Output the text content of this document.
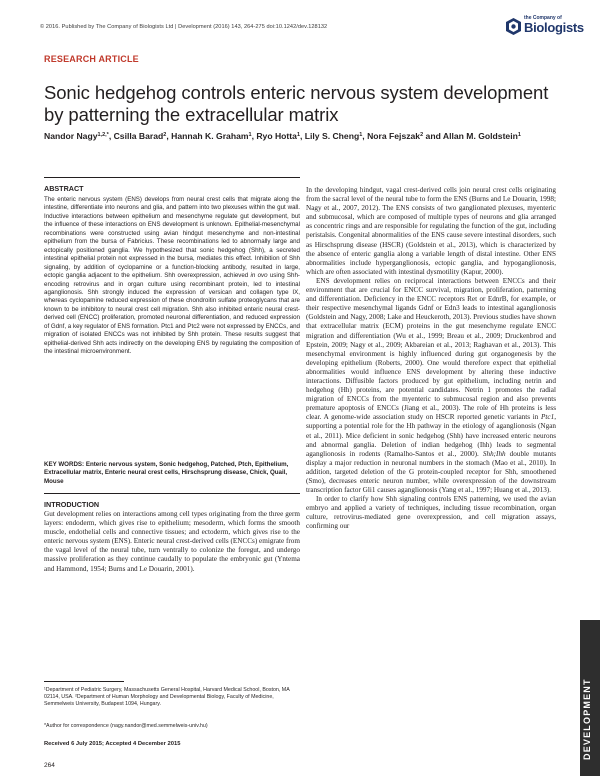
© 2016. Published by The Company of Biologists Ltd | Development (2016) 143, 264-275 doi:10.1242/dev.128132
the Company of
Biologists
RESEARCH ARTICLE
Sonic hedgehog controls enteric nervous system development by patterning the extracellular matrix
Nandor Nagy$^{1,2,*}$, Csilla Barad$^2$, Hannah K. Graham$^1$, Ryo Hotta$^1$, Lily S. Cheng$^1$, Nora Fejszak$^2$ and Allan M. Goldstein$^1$
ABSTRACT
The enteric nervous system (ENS) develops from neural crest cells that migrate along the intestine, differentiate into neurons and glia, and pattern into two plexuses within the gut wall. Inductive interactions between epithelium and mesenchyme regulate gut development, but the influence of these interactions on ENS development is unknown. Epithelial-mesenchymal recombinations were constructed using avian hindgut mesenchyme and non-intestinal epithelium from the bursa of Fabricius. These recombinations led to abnormally large and ectopically positioned ganglia. We hypothesized that sonic hedgehog (Shh), a secreted intestinal epithelial protein not expressed in the bursa, mediates this effect. Inhibition of Shh signaling, by addition of cyclopamine or a function-blocking antibody, resulted in large, ectopic ganglia adjacent to the epithelium. Shh overexpression, achieved in ovo using Shh-encoding retrovirus and in organ culture using recombinant protein, led to intestinal aganglionosis. Shh strongly induced the expression of versican and collagen type IX, whereas cyclopamine reduced expression of these chondroitin sulfate proteoglycans that are known to be inhibitory to neural crest cell migration. Shh also inhibited enteric neural crest-derived cell (ENCC) proliferation, promoted neuronal differentiation, and reduced expression of Gdnf, a key regulator of ENS formation. Ptc1 and Ptc2 were not expressed by ENCCs, and migration of isolated ENCCs was not inhibited by Shh protein. These results suggest that epithelial-derived Shh acts indirectly on the developing ENS by regulating the composition of the intestinal microenvironment.
KEY WORDS: Enteric nervous system, Sonic hedgehog, Patched, Ptch, Epithelium, Extracellular matrix, Enteric neural crest cells, Hirschsprung disease, Chick, Quail, Mouse
INTRODUCTION
Gut development relies on interactions among cell types originating from the three germ layers: endoderm, which gives rise to epithelium; mesoderm, which forms the smooth muscle, endothelial cells and connective tissues; and ectoderm, which gives rise to the enteric nervous system (ENS). Enteric neural crest-derived cells (ENCCs) emigrate from the vagal level of the neural tube, turn ventrally to colonize the foregut, and undergo massive proliferation as they continue caudally to populate the embryonic gut (Yntema and Hammond, 1954; Burns and Le Douarin, 2001).
¹Department of Pediatric Surgery, Massachusetts General Hospital, Harvard Medical School, Boston, MA 02114, USA. ²Department of Human Morphology and Developmental Biology, Faculty of Medicine, Semmelweis University, Budapest 1094, Hungary.
*Author for correspondence (nagy.nandor@med.semmelweis-univ.hu)
Received 6 July 2015; Accepted 4 December 2015
264

In the developing hindgut, vagal crest-derived cells join neural crest cells originating from the sacral level of the neural tube to form the ENS (Burns and Le Douarin, 1998; Nagy et al., 2007, 2012). The ENS consists of two ganglionated plexuses, myenteric and submucosal, which are composed of multiple types of neurons and glia arranged as concentric rings and are responsible for regulating the function of the gut, including peristalsis. Congenital abnormalities of the ENS cause severe intestinal disorders, such as Hirschsprung disease (HSCR) (Goldstein et al., 2013), which is characterized by the absence of enteric ganglia along a variable length of distal intestine. Other ENS abnormalities include hyperganglionosis, ectopic ganglia, and hypoganglionosis, which are often associated with intestinal dysmotility (Kapur, 2000).

ENS development relies on reciprocal interactions between ENCCs and their environment that are crucial for ENCC survival, migration, proliferation, patterning and differentiation. Deficiency in the ENCC receptors Ret or EdnrB, for example, or their respective mesenchymal ligands Gdnf or Edn3 leads to intestinal aganglionosis (Goldstein and Nagy, 2008; Lake and Heuckeroth, 2013). Previous studies have shown that extracellular matrix (ECM) proteins in the gut mesenchyme regulate ENCC migration and differentiation (Wu et al., 1999; Breau et al., 2009; Druckenbrod and Epstein, 2009; Nagy et al., 2009; Akbareian et al., 2013; Raghavan et al., 2013). This mesenchymal environment is highly influenced during gut organogenesis by the developing epithelium (Roberts, 2000). One would therefore expect that epithelial abnormalities would influence ENS development by altering these inductive interactions. Diffusible factors produced by gut epithelium, including netrin and hedgehog (Hh) proteins, are potential candidates. Netrin 1 promotes the radial migration of ENCCs from the myenteric to submucosal region and also prevents premature apoptosis of ENCCs (Jiang et al., 2003). The role of Hh proteins is less clear. A genome-wide association study on HSCR reported genetic variants in Ptc1, supporting a potential role for the Hh pathway in the etiology of aganglionosis (Ngan et al., 2011). Mice deficient in sonic hedgehog (Shh) have increased enteric neurons and abnormal ganglia. Deletion of indian hedgehog (Ihh) leads to segmental aganglionosis in rodents (Ramalho-Santos et al., 2000). Shh;Ihh double mutants display a major reduction in neuronal numbers in the stomach (Mao et al., 2010). In addition, targeted deletion of the G protein-coupled receptor for Shh, smoothened (Smo), decreases enteric neuron number, while overexpression of the downstream transcription factor Gli1 causes aganglionosis (Yang et al., 1997; Huang et al., 2013).

In order to clarify how Shh signaling controls ENS patterning, we used the avian embryo and applied a variety of techniques, including tissue recombination, organ culture, retrovirus-mediated gene overexpression, and cell migration assays, confirming our

DEVELOPMENT
